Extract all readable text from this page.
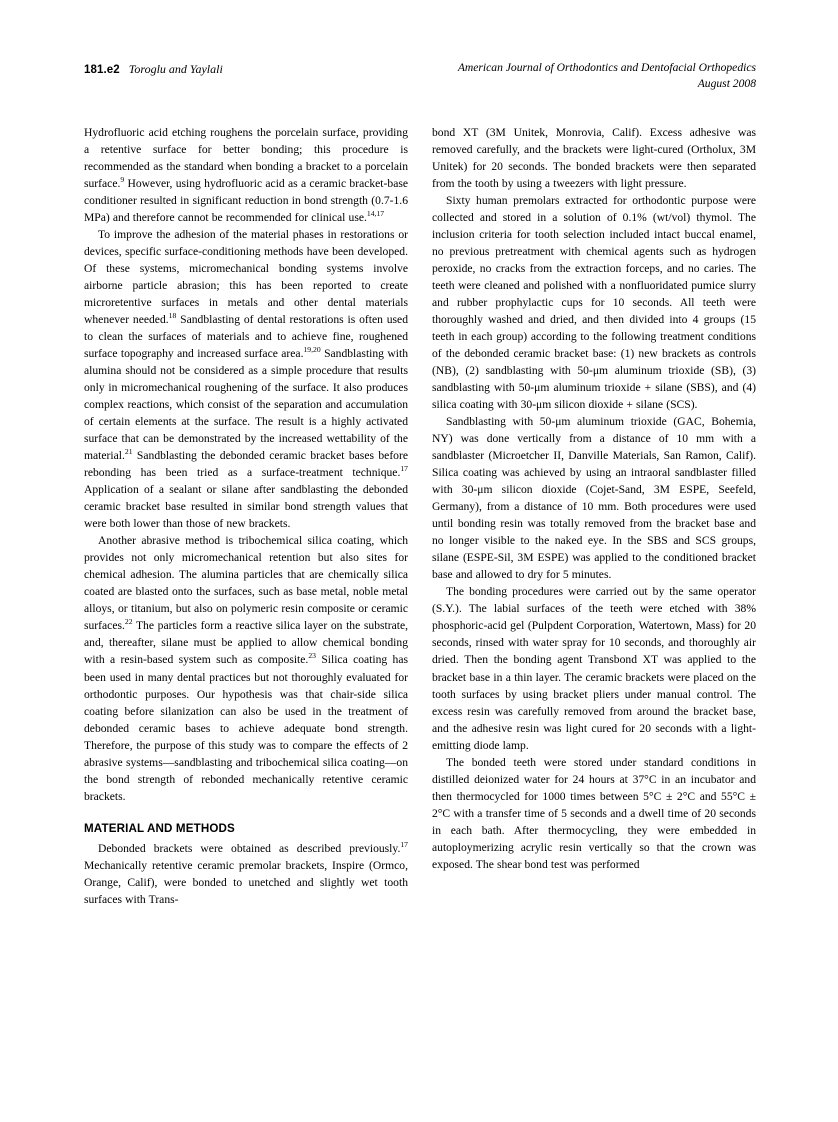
181.e2 Toroglu and Yaylali	American Journal of Orthodontics and Dentofacial Orthopedics
August 2008

Hydrofluoric acid etching roughens the porcelain surface, providing a retentive surface for better bonding; this procedure is recommended as the standard when bonding a bracket to a porcelain surface.$^9$ However, using hydrofluoric acid as a ceramic bracket-base conditioner resulted in significant reduction in bond strength (0.7-1.6 MPa) and therefore cannot be recommended for clinical use.$^{14,17}$

To improve the adhesion of the material phases in restorations or devices, specific surface-conditioning methods have been developed. Of these systems, micromechanical bonding systems involve airborne particle abrasion; this has been reported to create microretentive surfaces in metals and other dental materials whenever needed.$^{18}$ Sandblasting of dental restorations is often used to clean the surfaces of materials and to achieve fine, roughened surface topography and increased surface area.$^{19,20}$ Sandblasting with alumina should not be considered as a simple procedure that results only in micromechanical roughening of the surface. It also produces complex reactions, which consist of the separation and accumulation of certain elements at the surface. The result is a highly activated surface that can be demonstrated by the increased wettability of the material.$^{21}$ Sandblasting the debonded ceramic bracket bases before rebonding has been tried as a surface-treatment technique.$^{17}$ Application of a sealant or silane after sandblasting the debonded ceramic bracket base resulted in similar bond strength values that were both lower than those of new brackets.

Another abrasive method is tribochemical silica coating, which provides not only micromechanical retention but also sites for chemical adhesion. The alumina particles that are chemically silica coated are blasted onto the surfaces, such as base metal, noble metal alloys, or titanium, but also on polymeric resin composite or ceramic surfaces.$^{22}$ The particles form a reactive silica layer on the substrate, and, thereafter, silane must be applied to allow chemical bonding with a resin-based system such as composite.$^{23}$ Silica coating has been used in many dental practices but not thoroughly evaluated for orthodontic purposes. Our hypothesis was that chair-side silica coating before silanization can also be used in the treatment of debonded ceramic bases to achieve adequate bond strength. Therefore, the purpose of this study was to compare the effects of 2 abrasive systems—sandblasting and tribochemical silica coating—on the bond strength of rebonded mechanically retentive ceramic brackets.

MATERIAL AND METHODS

Debonded brackets were obtained as described previously.$^{17}$ Mechanically retentive ceramic premolar brackets, Inspire (Ormco, Orange, Calif), were bonded to unetched and slightly wet tooth surfaces with Trans-

bond XT (3M Unitek, Monrovia, Calif). Excess adhesive was removed carefully, and the brackets were light-cured (Ortholux, 3M Unitek) for 20 seconds. The bonded brackets were then separated from the tooth by using a tweezers with light pressure.

Sixty human premolars extracted for orthodontic purpose were collected and stored in a solution of 0.1% (wt/vol) thymol. The inclusion criteria for tooth selection included intact buccal enamel, no previous pretreatment with chemical agents such as hydrogen peroxide, no cracks from the extraction forceps, and no caries. The teeth were cleaned and polished with a nonfluoridated pumice slurry and rubber prophylactic cups for 10 seconds. All teeth were thoroughly washed and dried, and then divided into 4 groups (15 teeth in each group) according to the following treatment conditions of the debonded ceramic bracket base: (1) new brackets as controls (NB), (2) sandblasting with 50-μm aluminum trioxide (SB), (3) sandblasting with 50-μm aluminum trioxide + silane (SBS), and (4) silica coating with 30-μm silicon dioxide + silane (SCS).

Sandblasting with 50-μm aluminum trioxide (GAC, Bohemia, NY) was done vertically from a distance of 10 mm with a sandblaster (Microetcher II, Danville Materials, San Ramon, Calif). Silica coating was achieved by using an intraoral sandblaster filled with 30-μm silicon dioxide (Cojet-Sand, 3M ESPE, Seefeld, Germany), from a distance of 10 mm. Both procedures were used until bonding resin was totally removed from the bracket base and no longer visible to the naked eye. In the SBS and SCS groups, silane (ESPE-Sil, 3M ESPE) was applied to the conditioned bracket base and allowed to dry for 5 minutes.

The bonding procedures were carried out by the same operator (S.Y.). The labial surfaces of the teeth were etched with 38% phosphoric-acid gel (Pulpdent Corporation, Watertown, Mass) for 20 seconds, rinsed with water spray for 10 seconds, and thoroughly air dried. Then the bonding agent Transbond XT was applied to the bracket base in a thin layer. The ceramic brackets were placed on the tooth surfaces by using bracket pliers under manual control. The excess resin was carefully removed from around the bracket base, and the adhesive resin was light cured for 20 seconds with a light-emitting diode lamp.

The bonded teeth were stored under standard conditions in distilled deionized water for 24 hours at 37°C in an incubator and then thermocycled for 1000 times between 5°C ± 2°C and 55°C ± 2°C with a transfer time of 5 seconds and a dwell time of 20 seconds in each bath. After thermocycling, they were embedded in autoploymerizing acrylic resin vertically so that the crown was exposed. The shear bond test was performed
